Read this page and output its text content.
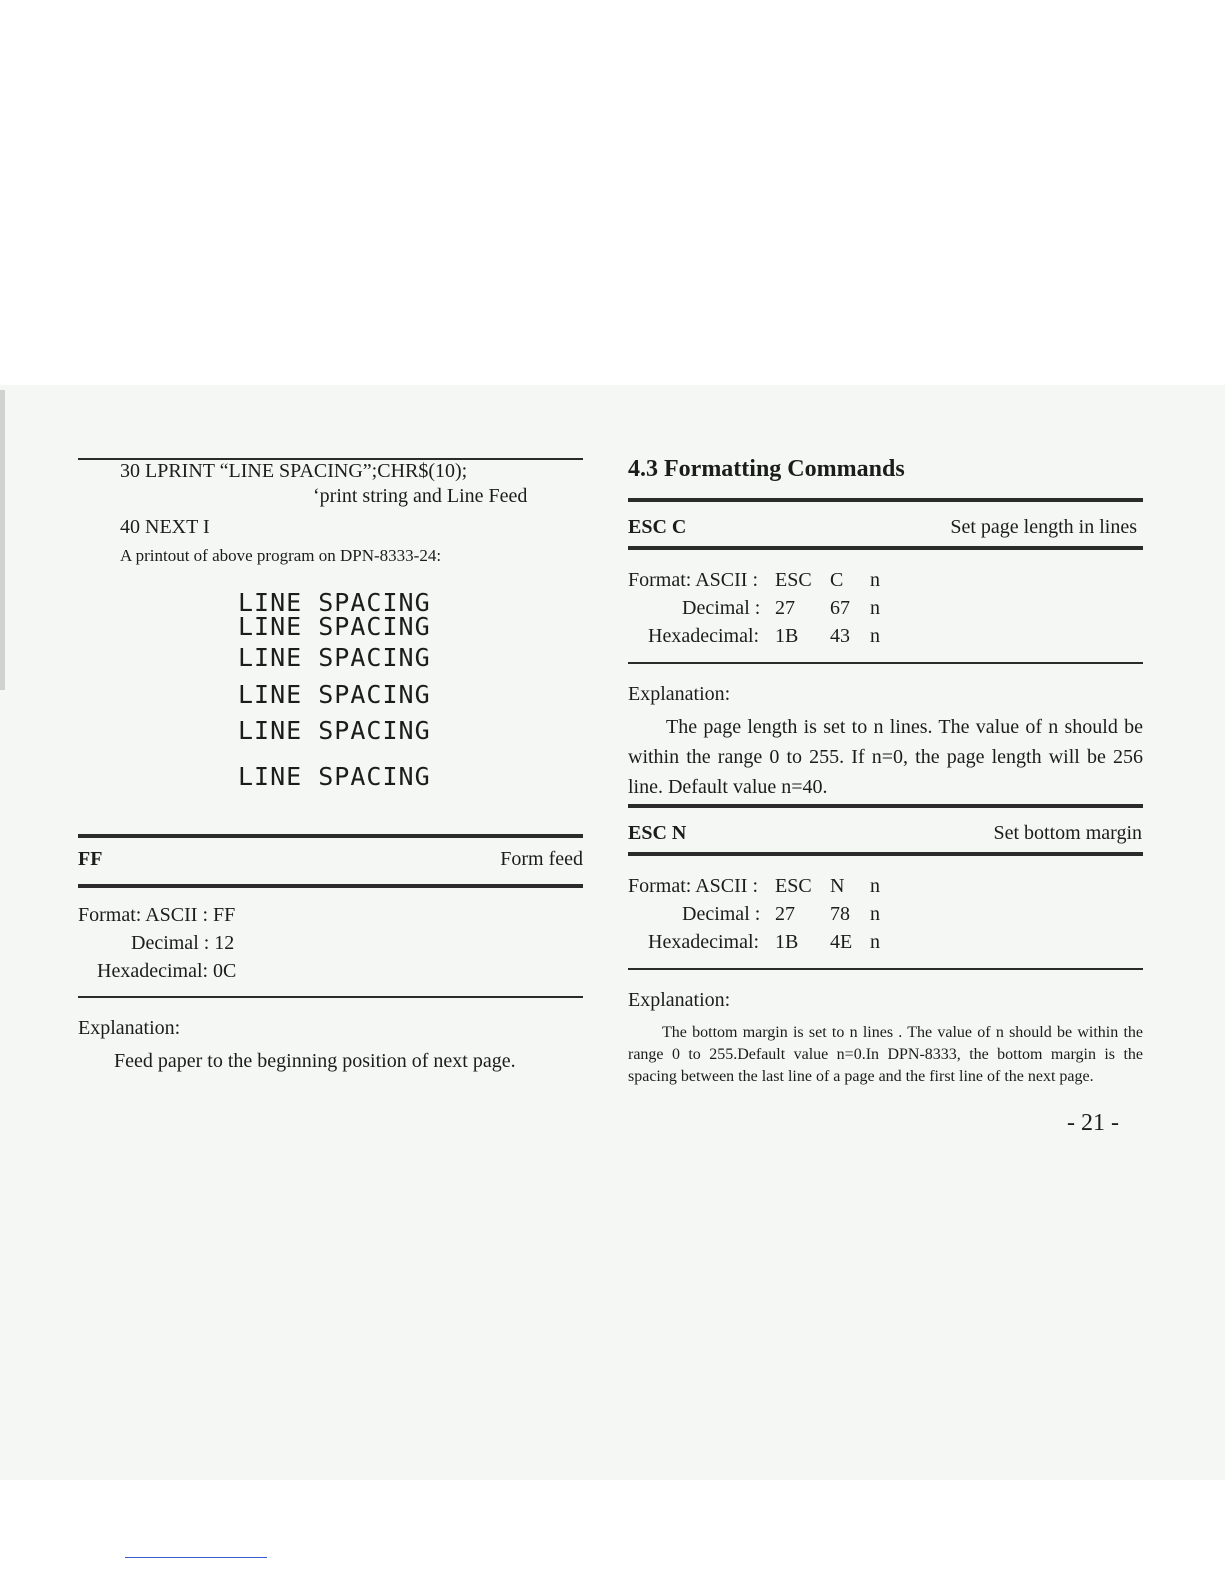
30 LPRINT “LINE SPACING”;CHR$(10);
‘print string and Line Feed
40 NEXT I
A printout of above program on DPN-8333-24:
LINE SPACING
LINE SPACING
LINE SPACING
LINE SPACING
LINE SPACING
LINE SPACING
FF	Form feed
Format: ASCII : FF
Decimal : 12
Hexadecimal: 0C
Explanation:
Feed paper to the beginning position of next page.
4.3 Formatting Commands
ESC C	Set page length in lines
Format: ASCII : ESC C n
Decimal : 27 67 n
Hexadecimal: 1B 43 n
Explanation:
The page length is set to n lines. The value of n should be within the range 0 to 255. If n=0, the page length will be 256 line. Default value n=40.
ESC N	Set bottom margin
Format: ASCII : ESC N n
Decimal : 27 78 n
Hexadecimal: 1B 4E n
Explanation:
The bottom margin is set to n lines . The value of n should be within the range 0 to 255.Default value n=0.In DPN-8333, the bottom margin is the spacing between the last line of a page and the first line of the next page.
- 21 -
